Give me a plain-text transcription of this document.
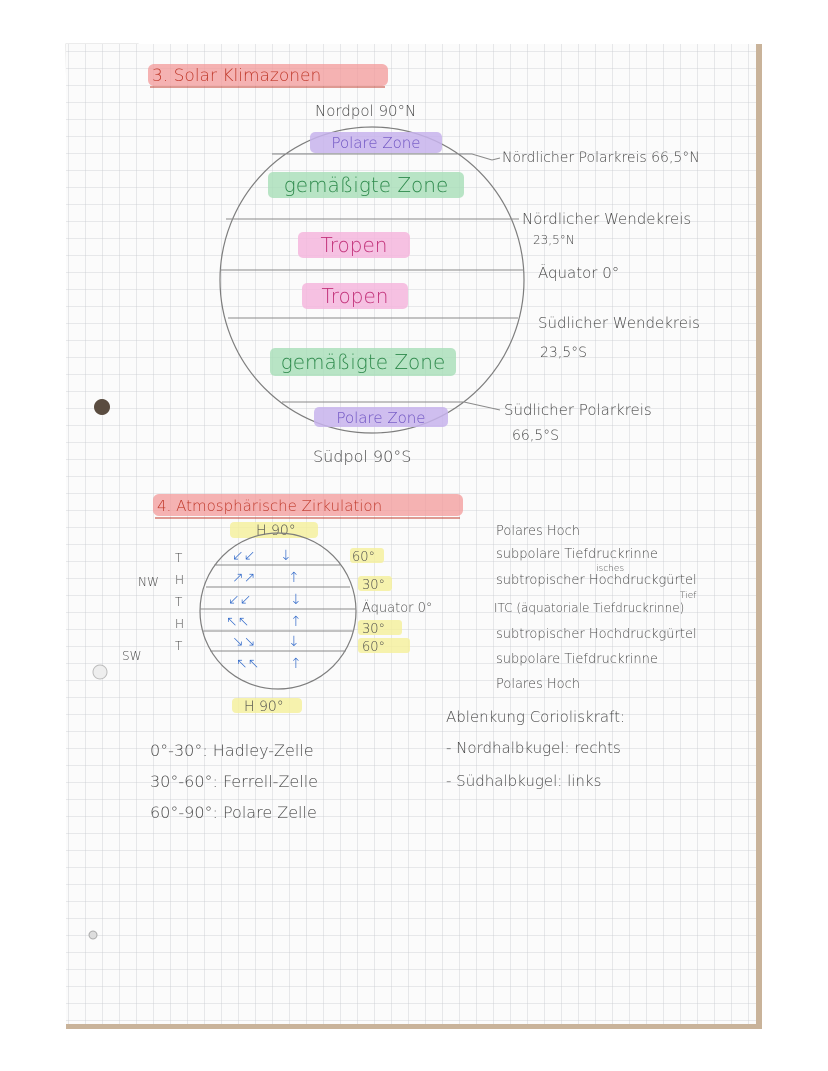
3. Solar Klimazonen
Nordpol 90°N
Polare Zone
gemäßigte Zone
Tropen
Tropen
gemäßigte Zone
Polare Zone
Südpol 90°S
Nördlicher Polarkreis 66,5°N
Nördlicher Wendekreis
23,5°N
Äquator 0°
Südlicher Wendekreis
23,5°S
Südlicher Polarkreis
66,5°S
4. Atmosphärische Zirkulation
H 90°
↙↙ ↓
↗↗ ↑
↙↙	↓
↖↖	↑
↘↘ ↓
↖↖ ↑
T
H
T
H
T
NW
SW
60°
30°
Äquator 0°
30°
60°
H 90°
Polares Hoch
subpolare Tiefdruckrinne
isches
subtropischer Hochdruckgürtel
Tief
ITC (äquatoriale Tiefdruckrinne)
subtropischer Hochdruckgürtel
subpolare Tiefdruckrinne
Polares Hoch
Ablenkung Corioliskraft:
- Nordhalbkugel: rechts
- Südhalbkugel: links
0°-30°: Hadley-Zelle
30°-60°: Ferrell-Zelle
60°-90°: Polare Zelle
